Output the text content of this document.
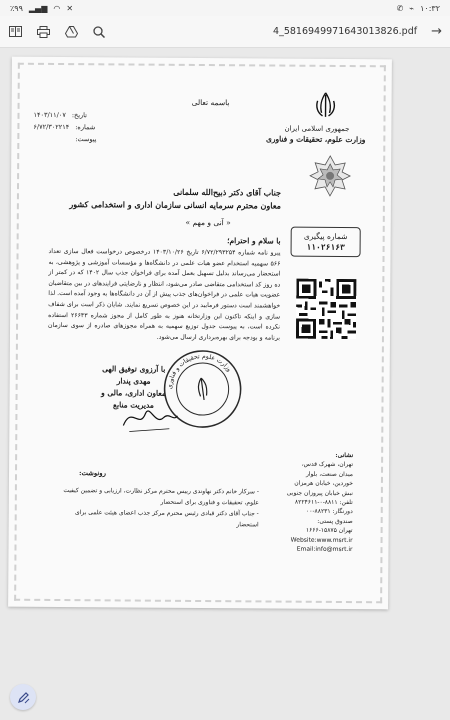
٪۹۹ ▂▄▆ ◠ ✕	✆ ⌁ ۱۰:۳۲
4_5816949971643013826.pdf	→
جمهوری اسلامی ایران
وزارت علوم، تحقیقات و فناوری
باسمه تعالی
تاریخ:
۱۴۰۳/۱۱/۰۷
شماره:
۶/۷۲/۳۰۲۲۱۴
پیوست:
جناب آقای دکتر ذبیح‌الله سلمانی
معاون محترم سرمایه انسانی سازمان اداری و استخدامی کشور
« آنی و مهم »
با سلام و احترام؛
پیرو نامه شماره ۶/۷۲/۲۹۳۲۵۴ تاریخ ۱۴۰۳/۱۰/۲۶ درخصوص درخواست فعال سازی تعداد ۵۶۶ سهمیه استخدام عضو هیات علمی در دانشگاه‌ها و مؤسسات آموزشی و پژوهشی، به استحضار می‌رساند بدلیل تسهیل بعمل آمده برای فراخوان جذب سال ۱۴۰۲ که در کمتر از ده روز کد استخدامی متقاضی صادر می‌شود، انتظار و نارضایتی فرایندهای در بین متقاضیان عضویت هیات علمی در فراخوان‌های جذب پیش از آن در دانشگاه‌ها به وجود آمده است. لذا خواهشمند است دستور فرمایید در این خصوص تسریع نمایند. شایان ذکر است برای شفاف سازی و اینکه تاکنون این وزارتخانه هنوز به طور کامل از مجوز شماره ۲۶۶۴۳ استفاده نکرده است، به پیوست جدول توزیع سهمیه به همراه مجوزهای صادره از سوی سازمان برنامه و بودجه برای بهره‌برداری ارسال می‌شود.
شماره پیگیری
۱۱۰۲۶۱۶۳
با آرزوی توفیق الهی
مهدی پندار
معاون اداری، مالی و مدیریت منابع
وزارت علوم تحقیقات و فناوری
رونوشت:
- سرکار خانم دکتر نهاوندی رییس محترم مرکز نظارت، ارزیابی و تضمین کیفیت علوم، تحقیقات و فناوری برای استحضار
- جناب آقای دکتر قبادی رئیس محترم مرکز جذب اعضای هیئت علمی برای استحضار
نشانی:
تهران، شهرک قدس،
میدان صنعت، بلوار
خوردین، خیابان هرمزان
نبش خیابان پیروزان جنوبی
تلفن: ۸۸۱۱-۰-۸۲۲۴۶۱۱
دورنگار: ۸۸۲۳۱-۰۰
صندوق پستی:
تهران ۱۵۸۷۵-۱۶۶۶
Website:www.msrt.ir
Email:info@msrt.ir
